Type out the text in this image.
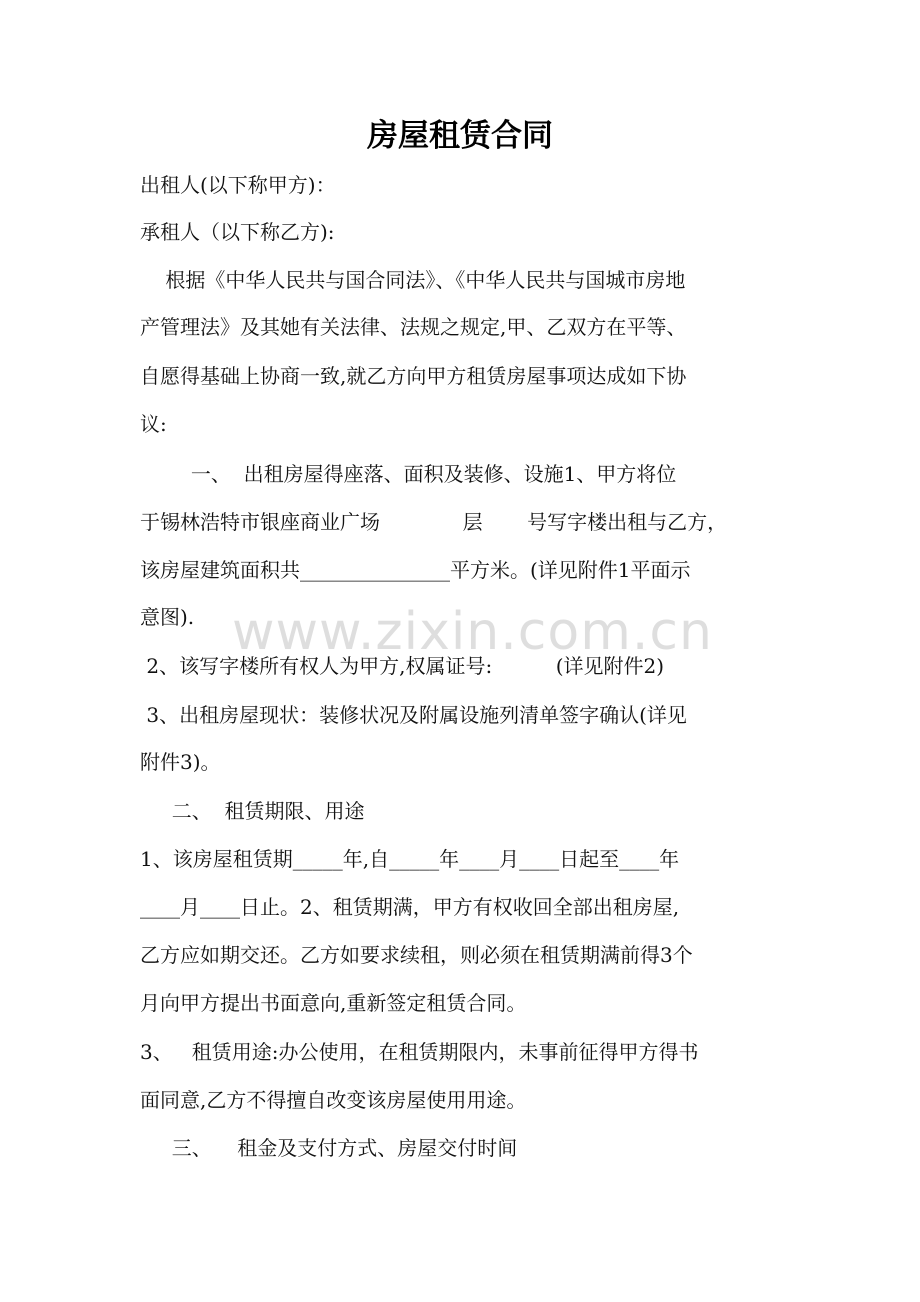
房屋租赁合同

出租人(以下称甲方)：

承租人（以下称乙方):

根据《中华人民共与国合同法》、《中华人民共与国城市房地

产管理法》及其她有关法律、法规之规定,甲、乙双方在平等、

自愿得基础上协商一致,就乙方向甲方租赁房屋事项达成如下协

议:

一、  出租房屋得座落、面积及装修、设施1、甲方将位

于锡林浩特市银座商业广场             层       号写字楼出租与乙方，

该房屋建筑面积共_______________平方米。(详见附件1平面示

意图).

2、该写字楼所有权人为甲方,权属证号:          (详见附件2)

3、出租房屋现状：装修状况及附属设施列清单签字确认(详见

附件3)。

二、  租赁期限、用途

1、该房屋租赁期_____年,自_____年____月____日起至____年

____月____日止。2、租赁期满，甲方有权收回全部出租房屋,

乙方应如期交还。乙方如要求续租，则必须在租赁期满前得3个

月向甲方提出书面意向,重新签定租赁合同。

3、   租赁用途:办公使用，在租赁期限内，未事前征得甲方得书

面同意,乙方不得擅自改变该房屋使用用途。

三、    租金及支付方式、房屋交付时间

www.zixin.com.cn
